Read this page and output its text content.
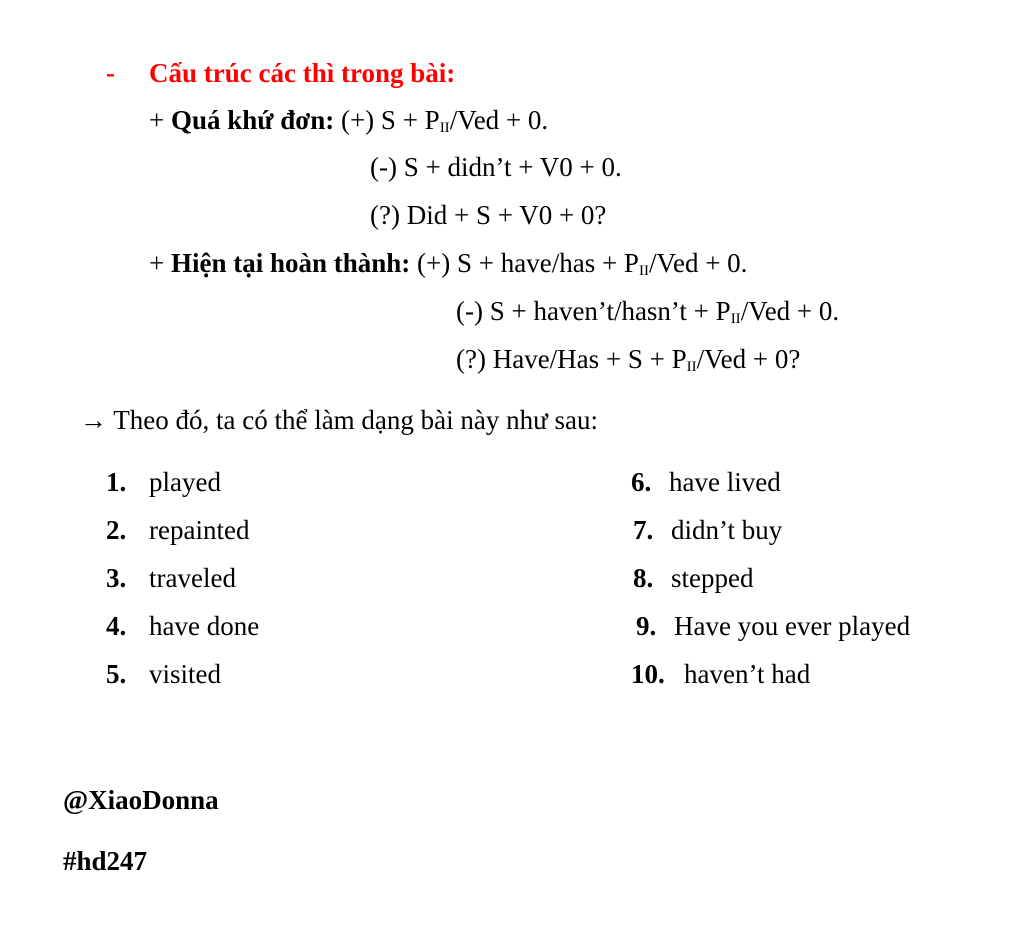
- Cấu trúc các thì trong bài:
+ Quá khứ đơn: (+) $S + P_{II}$/Ved + 0.
(-) S + didn’t + V0 + 0.
(?) Did + S + V0 + 0?
+ Hiện tại hoàn thành: (+) S + have/has + $P_{II}$/Ved + 0.
(-) S + haven’t/hasn’t + $P_{II}$/Ved + 0.
(?) Have/Has + $S + P_{II}$/Ved + 0?
→ Theo đó, ta có thể làm dạng bài này như sau:
1. played
2. repainted
3. traveled
4. have done
5. visited
6. have lived
7. didn’t buy
8. stepped
9. Have you ever played
10. haven’t had
@XiaoDonna
#hd247
